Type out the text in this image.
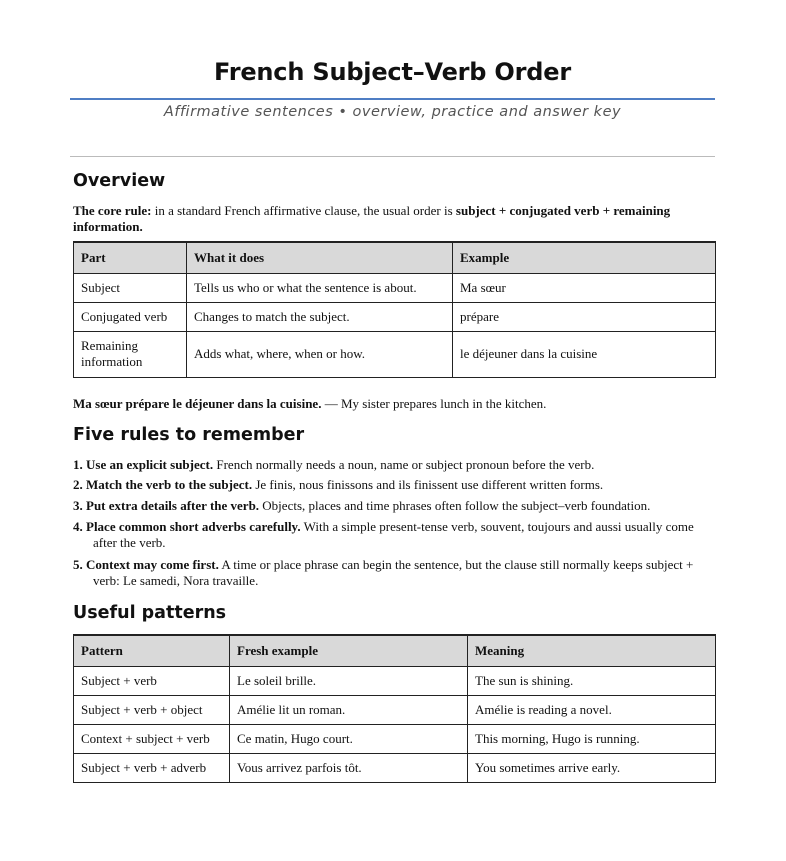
French Subject–Verb Order
Affirmative sentences • overview, practice and answer key
Overview
The core rule: in a standard French affirmative clause, the usual order is subject + conjugated verb + remaining information.
Part	What it does	Example
Subject	Tells us who or what the sentence is about.	Ma sœur
Conjugated verb	Changes to match the subject.	prépare
Remaining information	Adds what, where, when or how.	le déjeuner dans la cuisine
Ma sœur prépare le déjeuner dans la cuisine. — My sister prepares lunch in the kitchen.
Five rules to remember
1. Use an explicit subject. French normally needs a noun, name or subject pronoun before the verb.
2. Match the verb to the subject. Je finis, nous finissons and ils finissent use different written forms.
3. Put extra details after the verb. Objects, places and time phrases often follow the subject–verb foundation.
4. Place common short adverbs carefully. With a simple present-tense verb, souvent, toujours and aussi usually come after the verb.
5. Context may come first. A time or place phrase can begin the sentence, but the clause still normally keeps subject + verb: Le samedi, Nora travaille.
Useful patterns
Pattern	Fresh example	Meaning
Subject + verb	Le soleil brille.	The sun is shining.
Subject + verb + object	Amélie lit un roman.	Amélie is reading a novel.
Context + subject + verb	Ce matin, Hugo court.	This morning, Hugo is running.
Subject + verb + adverb	Vous arrivez parfois tôt.	You sometimes arrive early.
